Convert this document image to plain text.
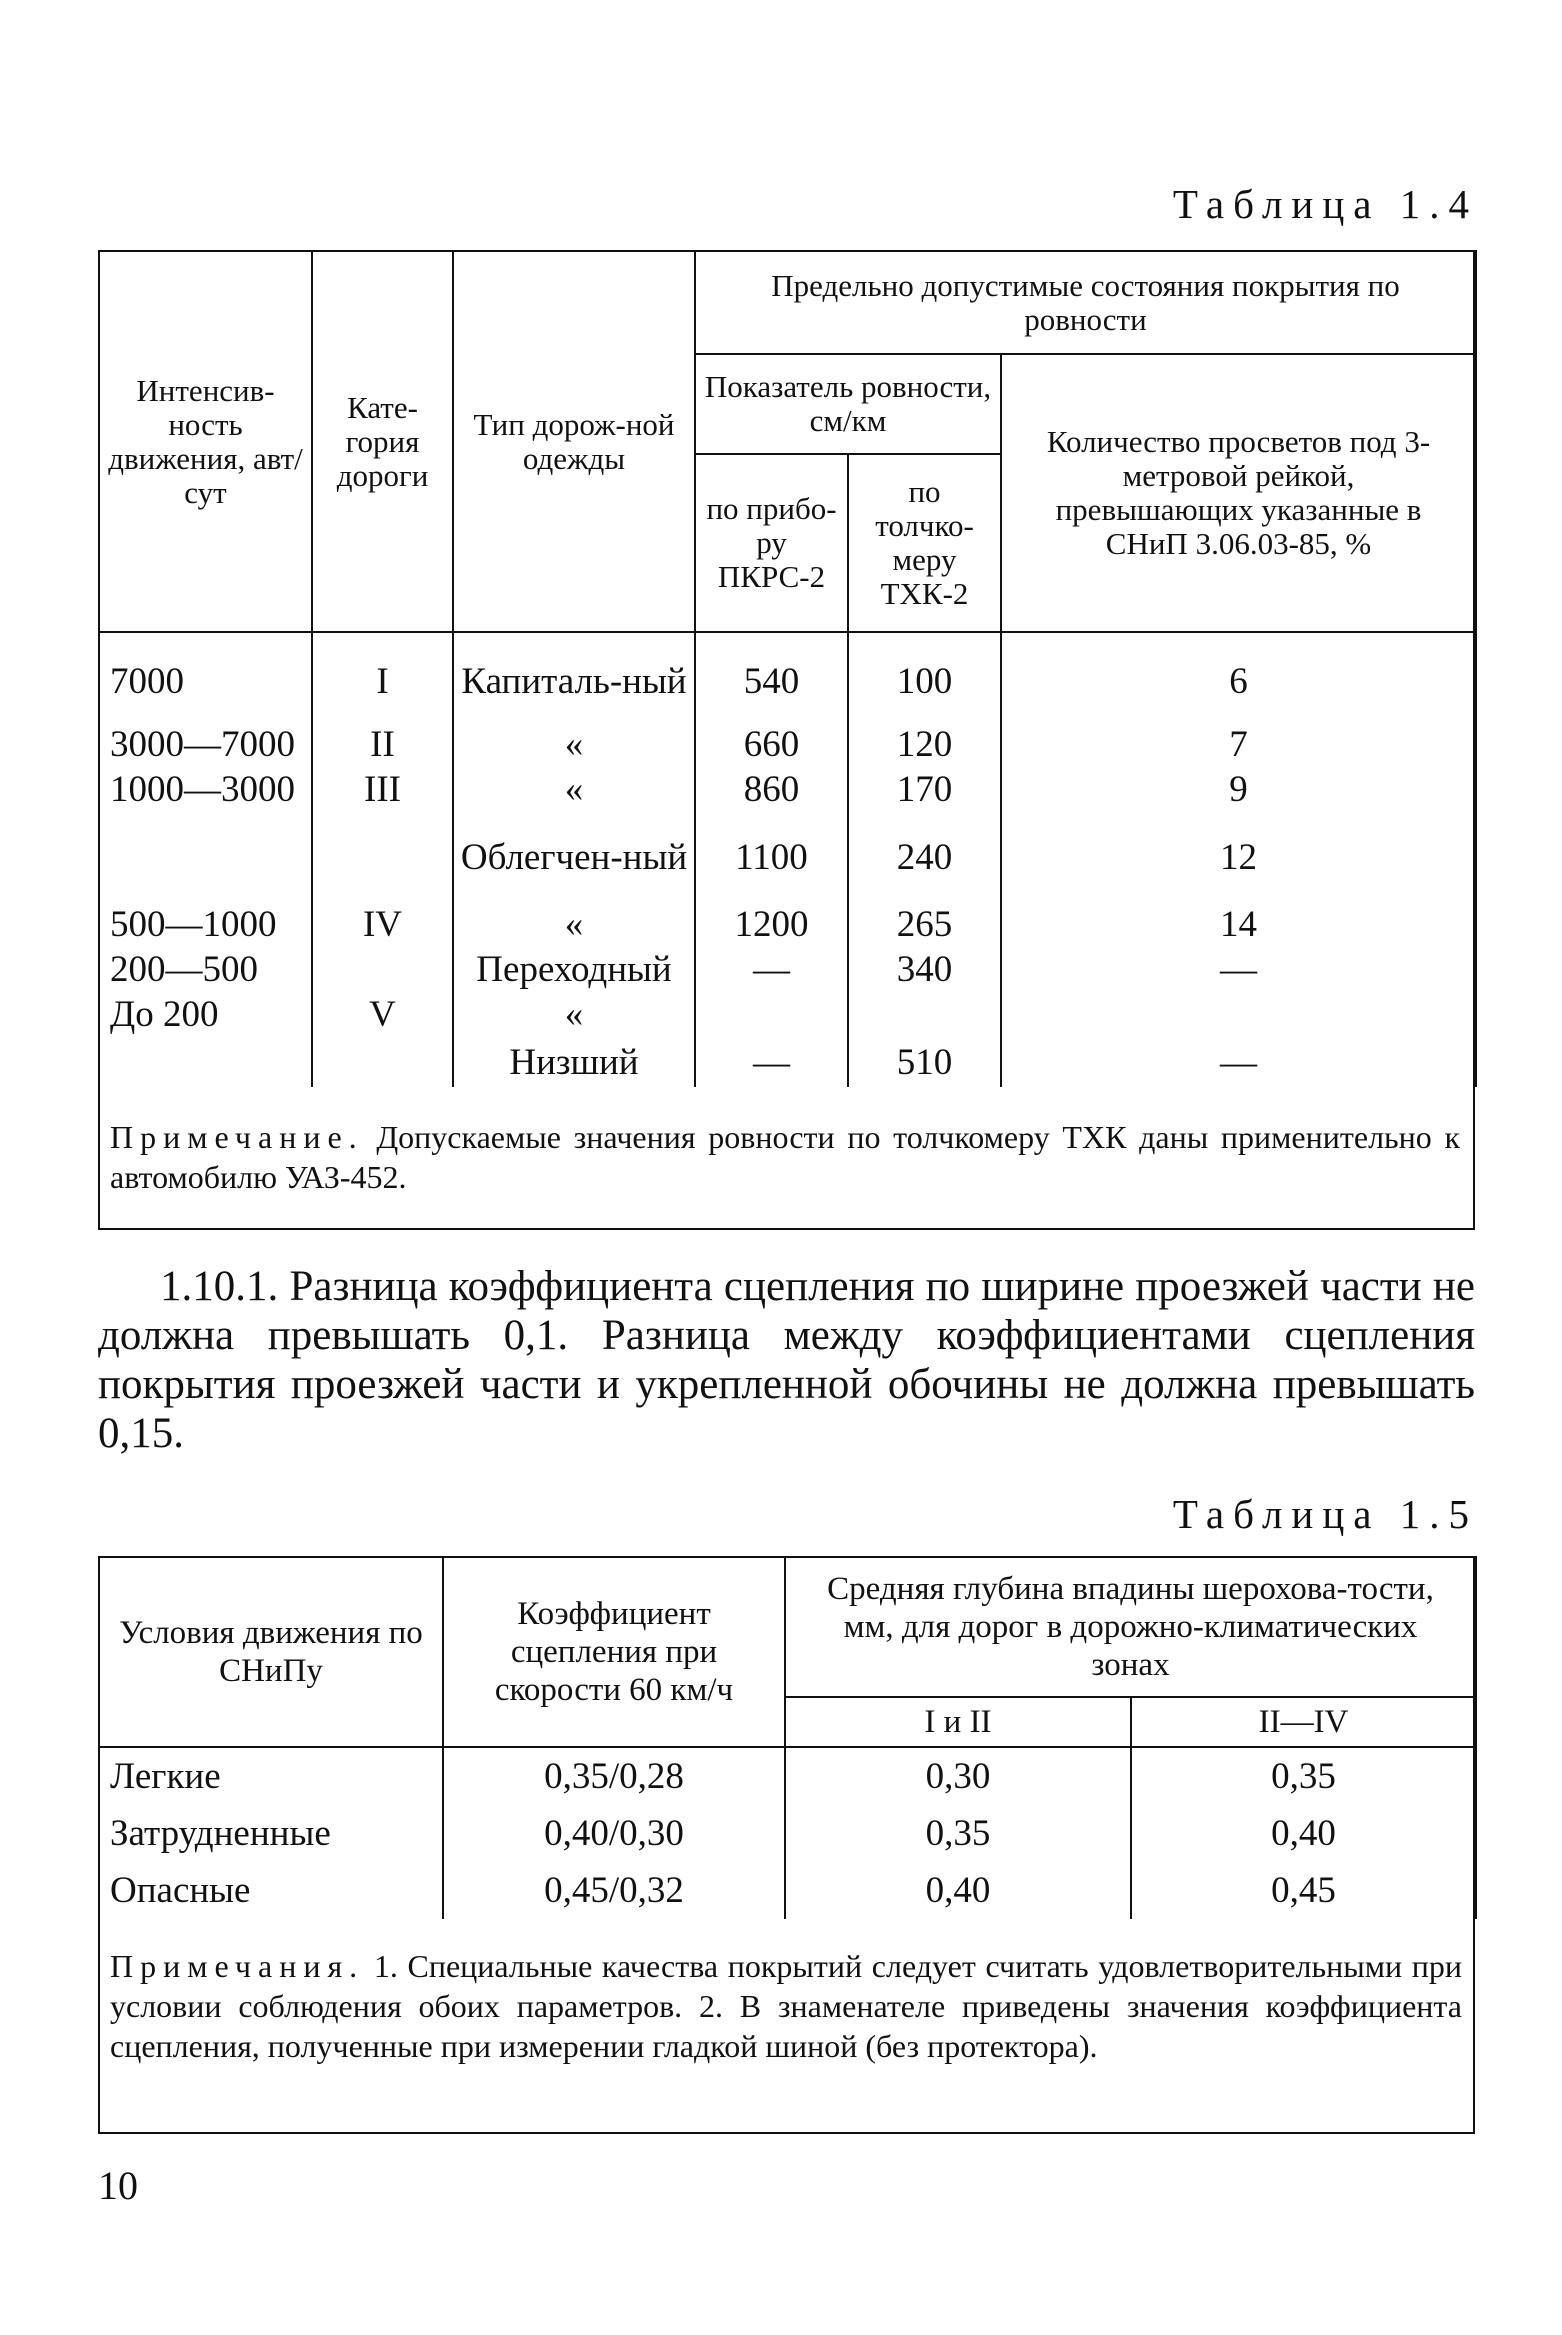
Таблица 1.4
Интенсив-ность движения, авт/сут	Кате-гория дороги	Тип дорож-ной одежды	Предельно допустимые состояния покрытия по ровности		
			Показатель ровности, см/км		Количество просветов под 3-метровой рейкой, превышающих указанные в СНиП 3.06.03-85, %
			по прибо-ру ПКРС-2	по толчко-меру ТХК-2	
7000	I	Капиталь-ный	540	100	6
3000—7000	II	«	660	120	7
1000—3000	III	«	860	170	9
		Облегчен-ный	1100	240	12
500—1000	IV	«	1200	265	14
200—500		Переходный	—	340	—
До 200	V	«			
		Низший	—	510	—
Примечание. Допускаемые значения ровности по толчкомеру ТХК даны применительно к автомобилю УАЗ-452.
1.10.1. Разница коэффициента сцепления по ширине проезжей части не должна превышать 0,1. Разница между коэффициентами сцепления покрытия проезжей части и укрепленной обочины не должна превышать 0,15.
Таблица 1.5
Условия движения по СНиПу	Коэффициент сцепления при скорости 60 км/ч	Средняя глубина впадины шерохова-тости, мм, для дорог в дорожно-климатических зонах	
		I и II	II—IV
Легкие	0,35/0,28	0,30	0,35
Затрудненные	0,40/0,30	0,35	0,40
Опасные	0,45/0,32	0,40	0,45
Примечания. 1. Специальные качества покрытий следует считать удовлетворительными при условии соблюдения обоих параметров. 2. В знаменателе приведены значения коэффициента сцепления, полученные при измерении гладкой шиной (без протектора).
10
